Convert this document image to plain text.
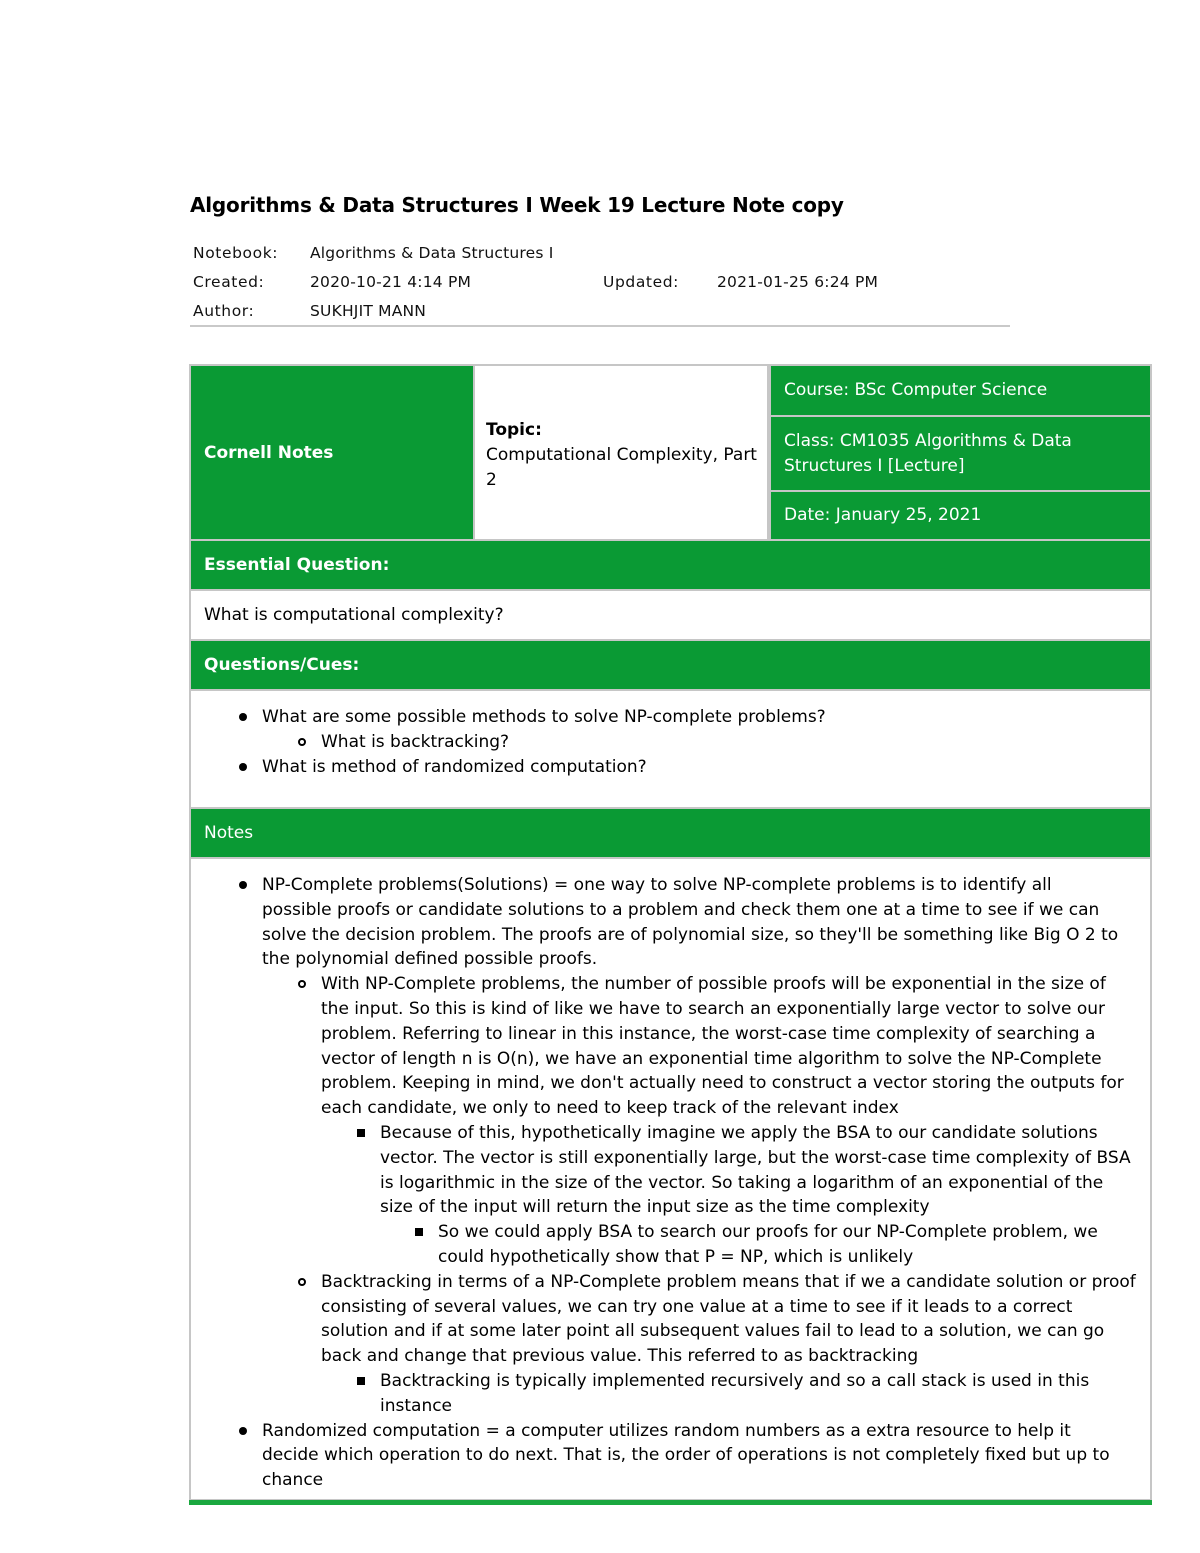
Algorithms & Data Structures I Week 19 Lecture Note copy
Notebook: Algorithms & Data Structures I
Created:	2020-10-21 4:14 PM	Updated: 2021-01-25 6:24 PM
Author:	SUKHJIT MANN
Cornell Notes
Topic:
Computational Complexity, Part 2
Course: BSc Computer Science
Class: CM1035 Algorithms & Data Structures I [Lecture]
Date: January 25, 2021
Essential Question:
What is computational complexity?
Questions/Cues:
What are some possible methods to solve NP-complete problems?
What is backtracking?
What is method of randomized computation?
Notes
NP-Complete problems(Solutions) = one way to solve NP-complete problems is to identify all possible proofs or candidate solutions to a problem and check them one at a time to see if we can solve the decision problem. The proofs are of polynomial size, so they'll be something like Big O 2 to the polynomial defined possible proofs.
With NP-Complete problems, the number of possible proofs will be exponential in the size of the input. So this is kind of like we have to search an exponentially large vector to solve our problem. Referring to linear in this instance, the worst-case time complexity of searching a vector of length n is O(n), we have an exponential time algorithm to solve the NP-Complete problem. Keeping in mind, we don't actually need to construct a vector storing the outputs for each candidate, we only to need to keep track of the relevant index
Because of this, hypothetically imagine we apply the BSA to our candidate solutions vector. The vector is still exponentially large, but the worst-case time complexity of BSA is logarithmic in the size of the vector. So taking a logarithm of an exponential of the size of the input will return the input size as the time complexity
So we could apply BSA to search our proofs for our NP-Complete problem, we could hypothetically show that P = NP, which is unlikely
Backtracking in terms of a NP-Complete problem means that if we a candidate solution or proof consisting of several values, we can try one value at a time to see if it leads to a correct solution and if at some later point all subsequent values fail to lead to a solution, we can go back and change that previous value. This referred to as backtracking
Backtracking is typically implemented recursively and so a call stack is used in this instance
Randomized computation = a computer utilizes random numbers as a extra resource to help it decide which operation to do next. That is, the order of operations is not completely fixed but up to chance
